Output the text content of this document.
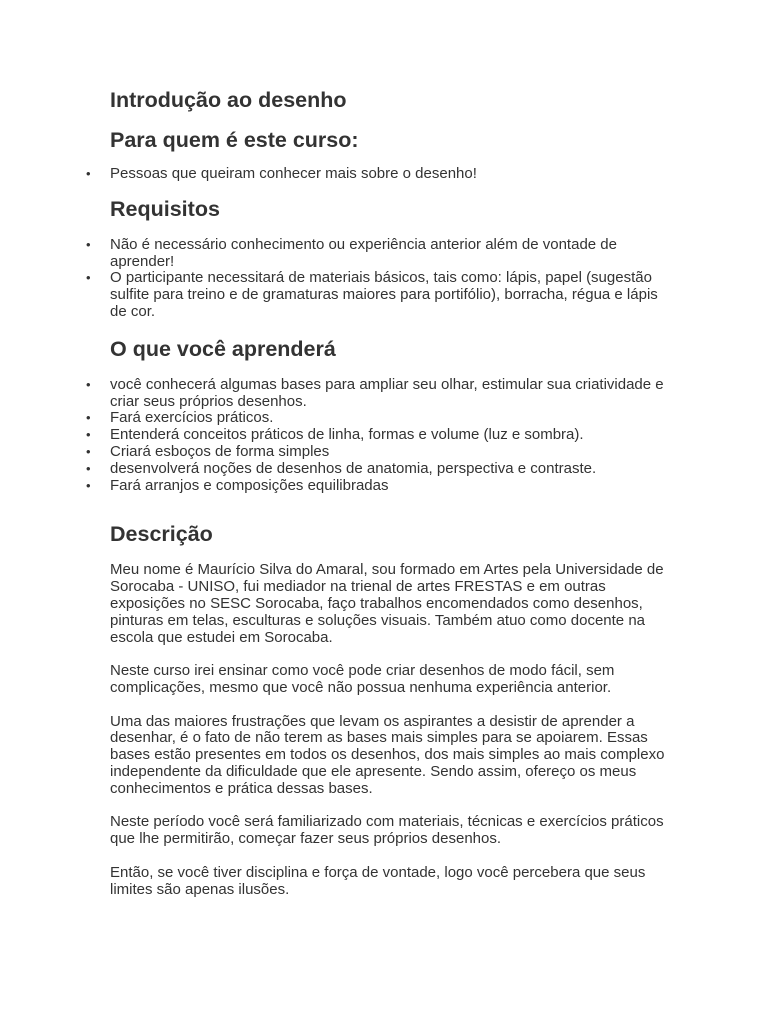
Introdução ao desenho
Para quem é este curso:
• Pessoas que queiram conhecer mais sobre o desenho!
Requisitos
• Não é necessário conhecimento ou experiência anterior além de vontade de aprender!
• O participante necessitará de materiais básicos, tais como: lápis, papel (sugestão sulfite para treino e de gramaturas maiores para portifólio), borracha, régua e lápis de cor.
O que você aprenderá
• você conhecerá algumas bases para ampliar seu olhar, estimular sua criatividade e criar seus próprios desenhos.
• Fará exercícios práticos.
• Entenderá conceitos práticos de linha, formas e volume (luz e sombra).
• Criará esboços de forma simples
• desenvolverá noções de desenhos de anatomia, perspectiva e contraste.
• Fará arranjos e composições equilibradas
Descrição

Meu nome é Maurício Silva do Amaral, sou formado em Artes pela Universidade de Sorocaba - UNISO, fui mediador na trienal de artes FRESTAS e em outras exposições no SESC Sorocaba, faço trabalhos encomendados como desenhos, pinturas em telas, esculturas e soluções visuais. Também atuo como docente na escola que estudei em Sorocaba.

Neste curso irei ensinar como você pode criar desenhos de modo fácil, sem complicações, mesmo que você não possua nenhuma experiência anterior.

Uma das maiores frustrações que levam os aspirantes a desistir de aprender a desenhar, é o fato de não terem as bases mais simples para se apoiarem. Essas bases estão presentes em todos os desenhos, dos mais simples ao mais complexo independente da dificuldade que ele apresente. Sendo assim, ofereço os meus conhecimentos e prática dessas bases.

Neste período você será familiarizado com materiais, técnicas e exercícios práticos que lhe permitirão, começar fazer seus próprios desenhos.

Então, se você tiver disciplina e força de vontade, logo você percebera que seus limites são apenas ilusões.
